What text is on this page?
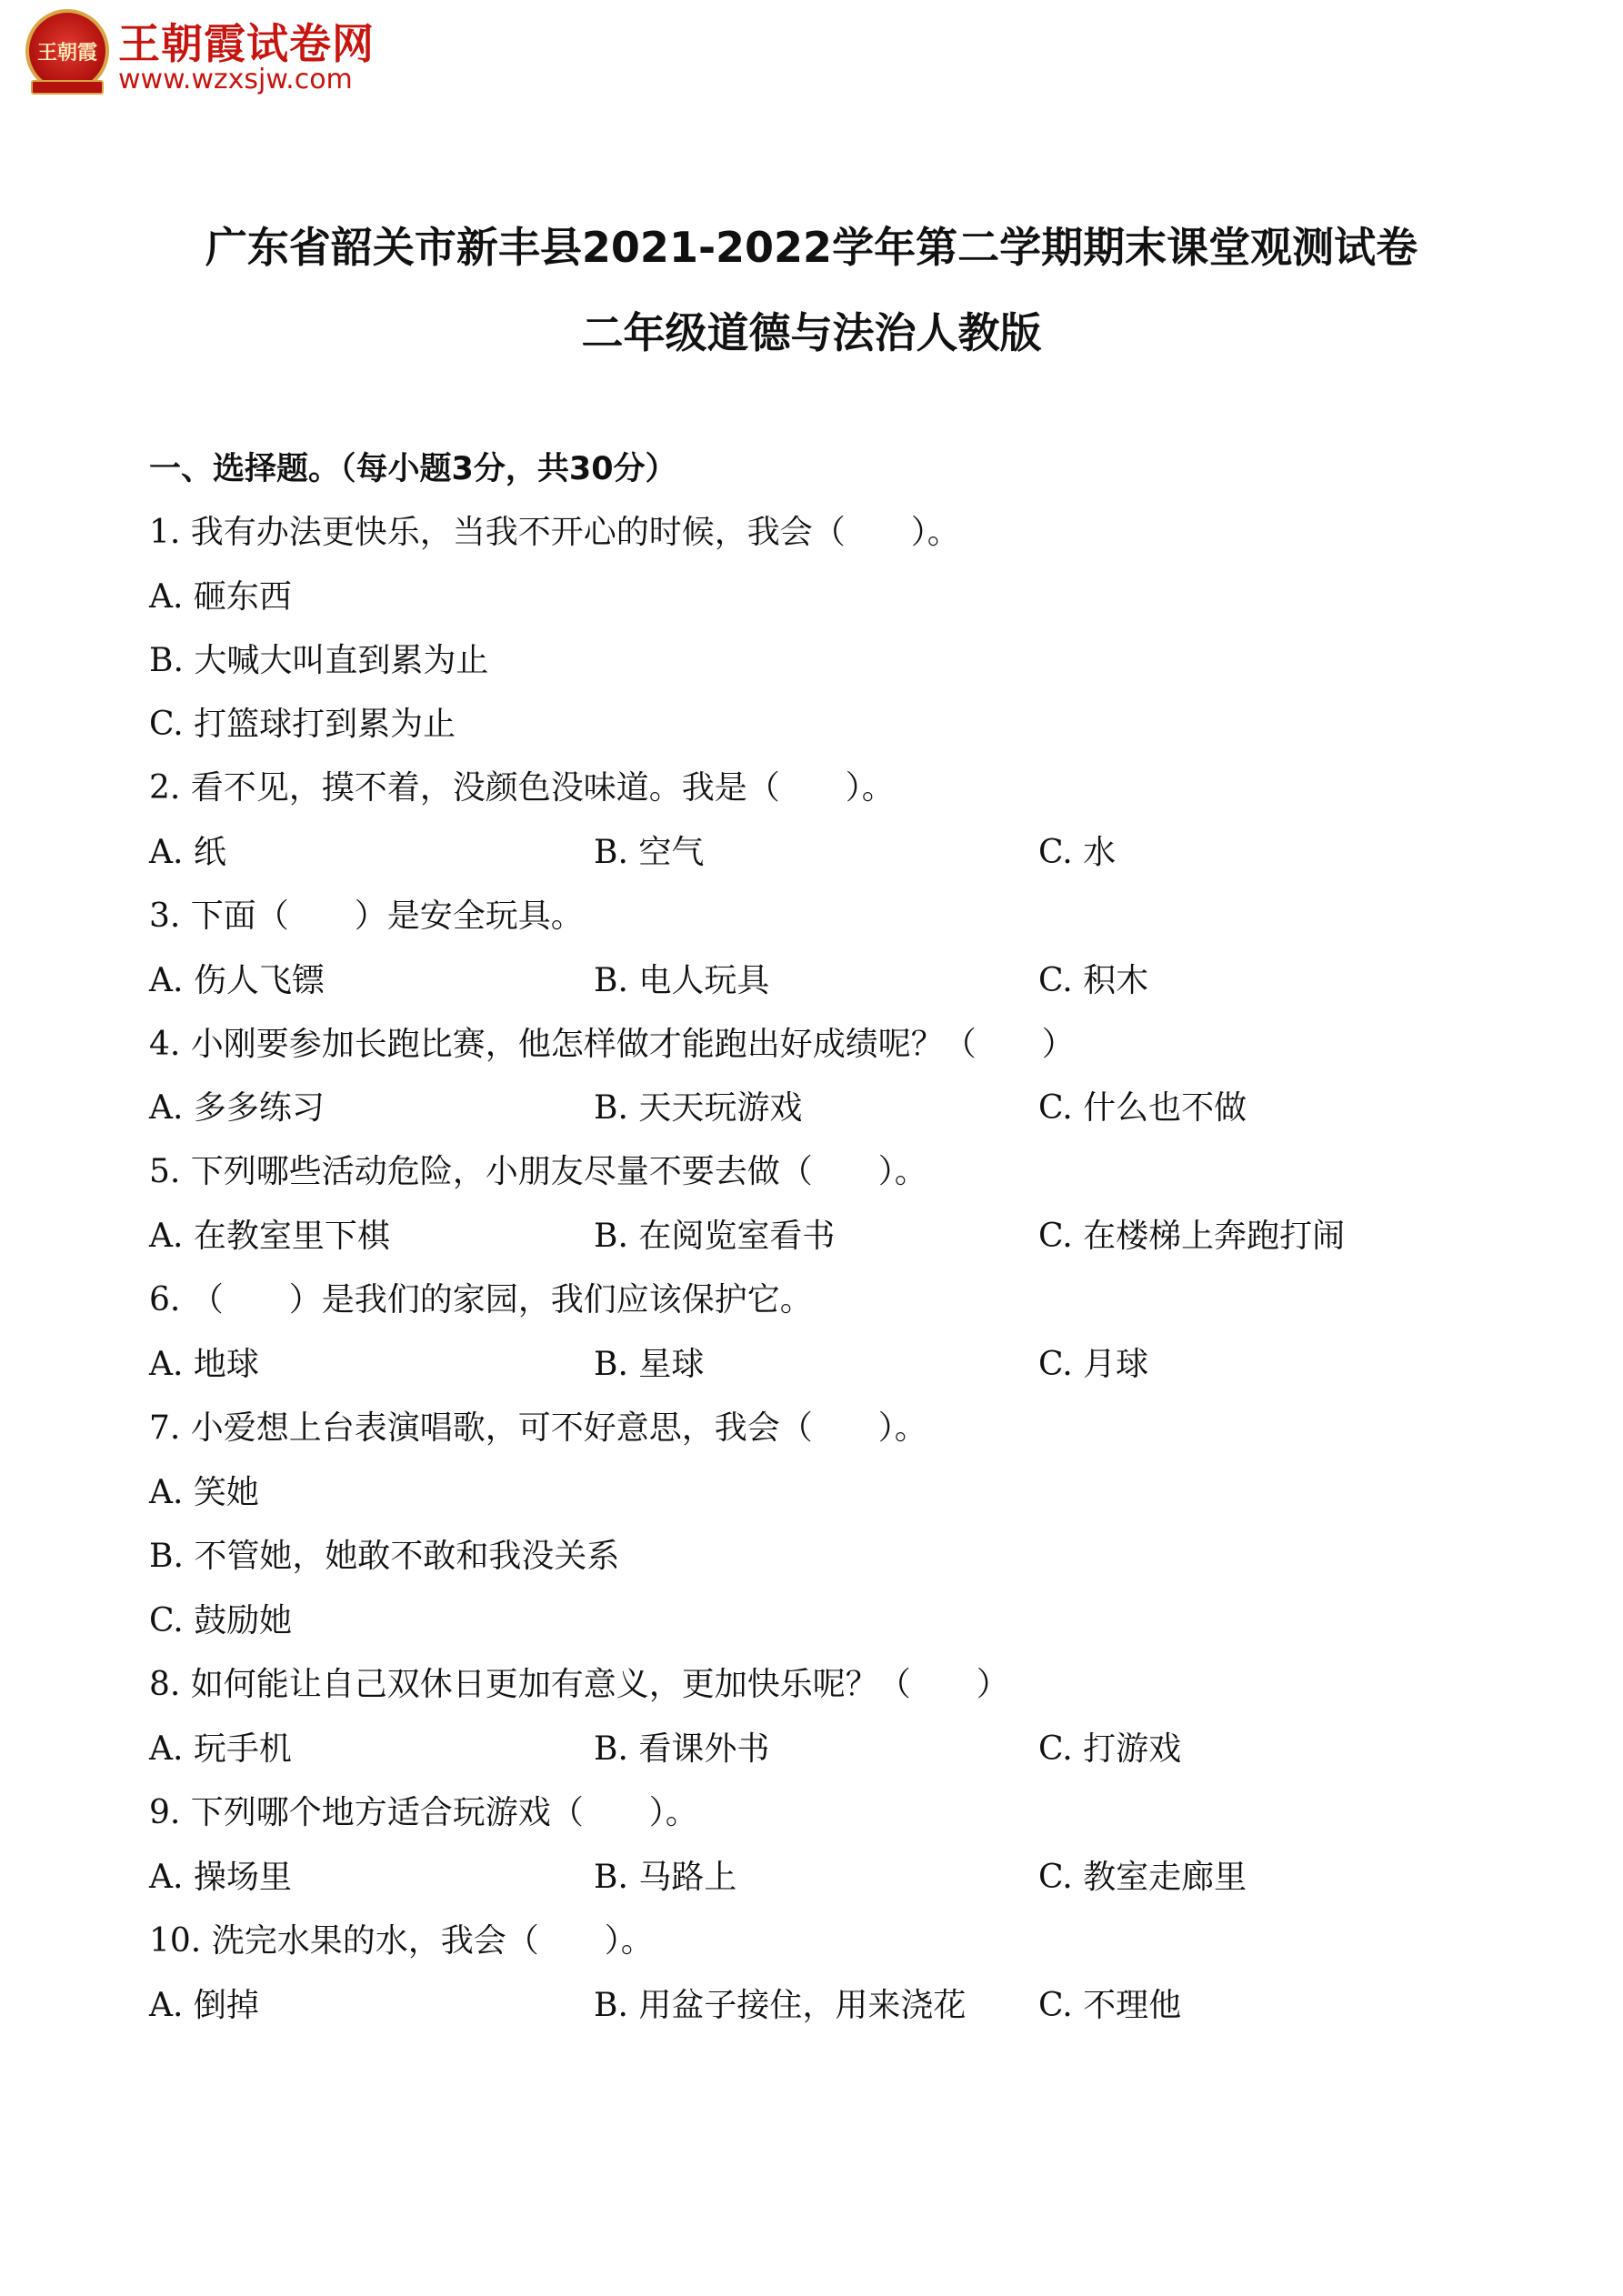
王朝霞 王朝霞试卷网
www.wzxsjw.com
广东省韶关市新丰县2021-2022学年第二学期期末课堂观测试卷
二年级道德与法治人教版
一、选择题。（每小题3分，共30分）
1. 我有办法更快乐，当我不开心的时候，我会（　　）。
A. 砸东西
B. 大喊大叫直到累为止
C. 打篮球打到累为止
2. 看不见，摸不着，没颜色没味道。我是（　　）。
A. 纸	B. 空气	C. 水
3. 下面（　　）是安全玩具。
A. 伤人飞镖	B. 电人玩具	C. 积木
4. 小刚要参加长跑比赛，他怎样做才能跑出好成绩呢？（　　）
A. 多多练习	B. 天天玩游戏	C. 什么也不做
5. 下列哪些活动危险，小朋友尽量不要去做（　　）。
A. 在教室里下棋	B. 在阅览室看书	C. 在楼梯上奔跑打闹
6. （　　）是我们的家园，我们应该保护它。
A. 地球	B. 星球	C. 月球
7. 小爱想上台表演唱歌，可不好意思，我会（　　）。
A. 笑她
B. 不管她，她敢不敢和我没关系
C. 鼓励她
8. 如何能让自己双休日更加有意义，更加快乐呢？（　　）
A. 玩手机	B. 看课外书	C. 打游戏
9. 下列哪个地方适合玩游戏（　　）。
A. 操场里	B. 马路上	C. 教室走廊里
10. 洗完水果的水，我会（　　）。
A. 倒掉	B. 用盆子接住，用来浇花 C. 不理他
